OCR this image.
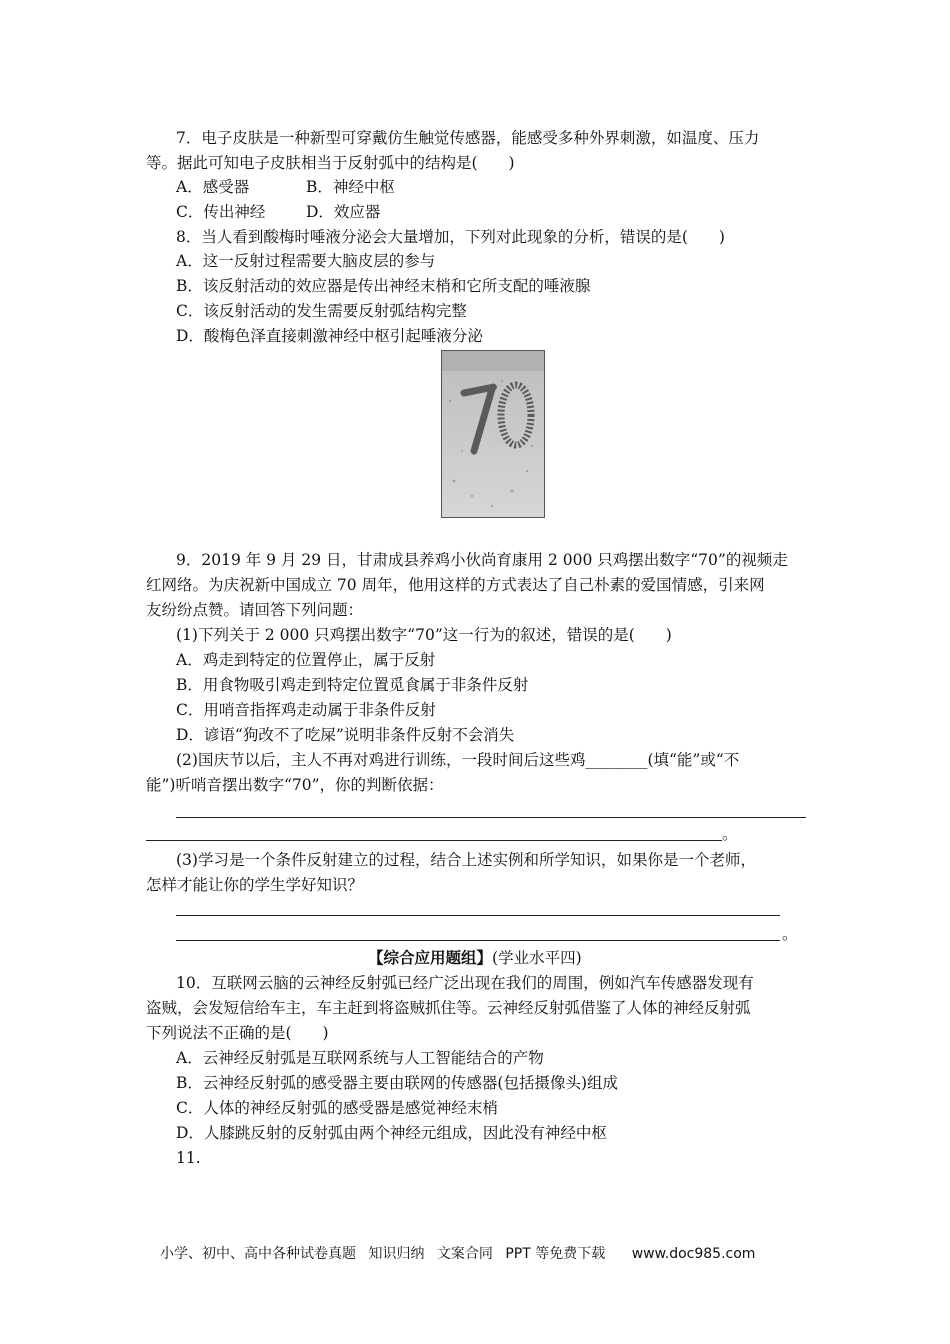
7．电子皮肤是一种新型可穿戴仿生触觉传感器，能感受多种外界刺激，如温度、压力
等。据此可知电子皮肤相当于反射弧中的结构是(　　)
A．感受器	B．神经中枢
C．传出神经	D．效应器
8．当人看到酸梅时唾液分泌会大量增加，下列对此现象的分析，错误的是(　　)
A．这一反射过程需要大脑皮层的参与
B．该反射活动的效应器是传出神经末梢和它所支配的唾液腺
C．该反射活动的发生需要反射弧结构完整
D．酸梅色泽直接刺激神经中枢引起唾液分泌
9．2019 年 9 月 29 日，甘肃成县养鸡小伙尚育康用 2 000 只鸡摆出数字“70”的视频走
红网络。为庆祝新中国成立 70 周年，他用这样的方式表达了自己朴素的爱国情感，引来网
友纷纷点赞。请回答下列问题：
(1)下列关于 2 000 只鸡摆出数字“70”这一行为的叙述，错误的是(　　)
A．鸡走到特定的位置停止，属于反射
B．用食物吸引鸡走到特定位置觅食属于非条件反射
C．用哨音指挥鸡走动属于非条件反射
D．谚语“狗改不了吃屎”说明非条件反射不会消失
(2)国庆节以后，主人不再对鸡进行训练，一段时间后这些鸡________(填“能”或“不
能”)听哨音摆出数字“70”，你的判断依据：
。
(3)学习是一个条件反射建立的过程，结合上述实例和所学知识，如果你是一个老师，
怎样才能让你的学生学好知识？
。
【综合应用题组】(学业水平四)
10．互联网云脑的云神经反射弧已经广泛出现在我们的周围，例如汽车传感器发现有
盗贼，会发短信给车主，车主赶到将盗贼抓住等。云神经反射弧借鉴了人体的神经反射弧
下列说法不正确的是(　　)
A．云神经反射弧是互联网系统与人工智能结合的产物
B．云神经反射弧的感受器主要由联网的传感器(包括摄像头)组成
C．人体的神经反射弧的感受器是感觉神经末梢
D．人膝跳反射的反射弧由两个神经元组成，因此没有神经中枢
11.
小学、初中、高中各种试卷真题 知识归纳 文案合同 PPT 等免费下载 www.doc985.com
